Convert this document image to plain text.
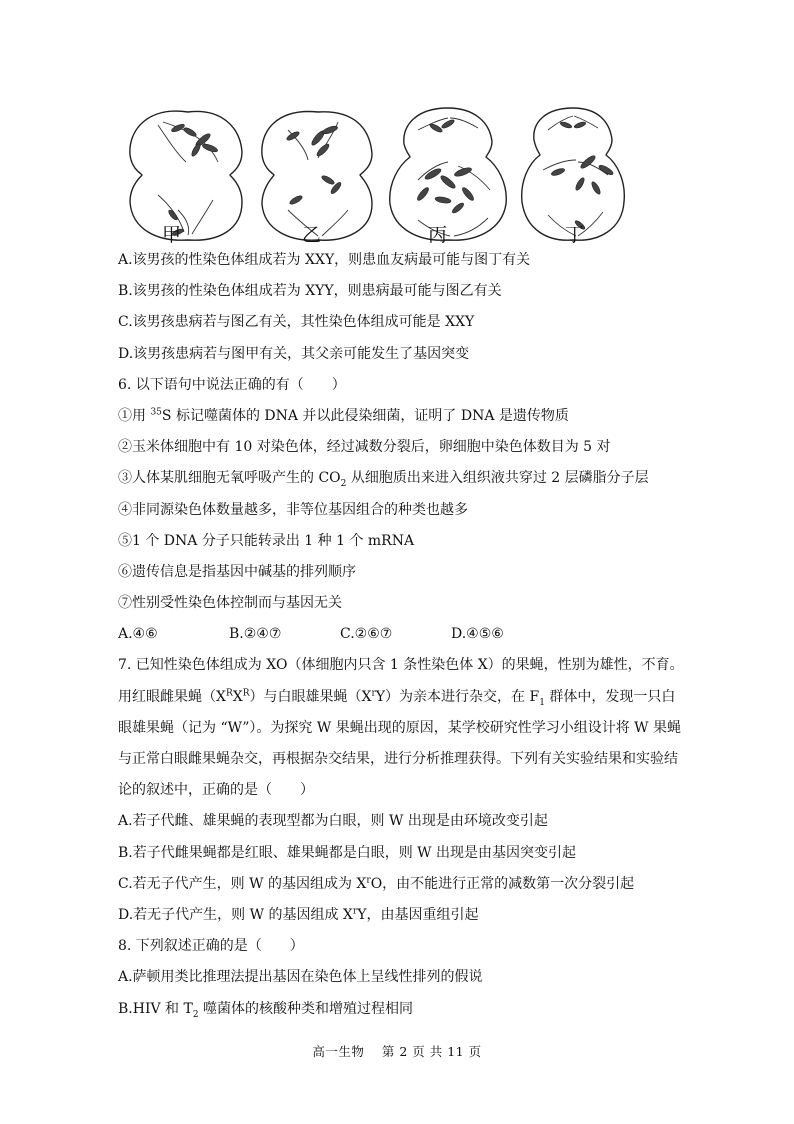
甲	乙	丙	丁
A.该男孩的性染色体组成若为 XXY，则患血友病最可能与图丁有关
B.该男孩的性染色体组成若为 XYY，则患病最可能与图乙有关
C.该男孩患病若与图乙有关，其性染色体组成可能是 XXY
D.该男孩患病若与图甲有关，其父亲可能发生了基因突变
6. 以下语句中说法正确的有（　　）
①用 $^{35}$S 标记噬菌体的 DNA 并以此侵染细菌，证明了 DNA 是遗传物质
②玉米体细胞中有 10 对染色体，经过减数分裂后，卵细胞中染色体数目为 5 对
③人体某肌细胞无氧呼吸产生的 $CO_2$ 从细胞质出来进入组织液共穿过 2 层磷脂分子层
④非同源染色体数量越多，非等位基因组合的种类也越多
⑤1 个 DNA 分子只能转录出 1 种 1 个 mRNA
⑥遗传信息是指基因中碱基的排列顺序
⑦性别受性染色体控制而与基因无关
A.④⑥	B.②④⑦	C.②⑥⑦	D.④⑤⑥
7. 已知性染色体组成为 XO（体细胞内只含 1 条性染色体 X）的果蝇，性别为雄性，不育。
用红眼雌果蝇$(X^RX^R)$与白眼雄果蝇$(X^rY)$为亲本进行杂交，在 $F_1$ 群体中，发现一只白
眼雄果蝇（记为 “W”）。为探究 W 果蝇出现的原因，某学校研究性学习小组设计将 W 果蝇
与正常白眼雌果蝇杂交，再根据杂交结果，进行分析推理获得。下列有关实验结果和实验结
论的叙述中，正确的是（　　）
A.若子代雌、雄果蝇的表现型都为白眼，则 W 出现是由环境改变引起
B.若子代雌果蝇都是红眼、雄果蝇都是白眼，则 W 出现是由基因突变引起
C.若无子代产生，则 W 的基因组成为 $X^rO$，由不能进行正常的减数第一次分裂引起
D.若无子代产生，则 W 的基因组成 $X^rY$，由基因重组引起
8. 下列叙述正确的是（　　）
A.萨顿用类比推理法提出基因在染色体上呈线性排列的假说
B.HIV 和 $T_2$ 噬菌体的核酸种类和增殖过程相同
高一生物　 第 2 页 共 11 页
